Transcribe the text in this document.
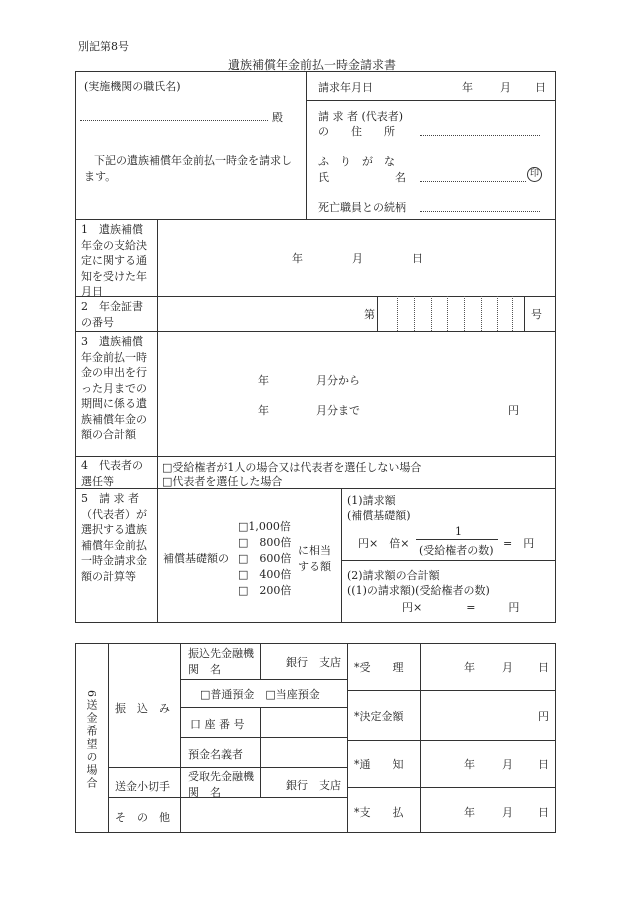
別記第8号
遺族補償年金前払一時金請求書
(実施機関の職氏名)
殿
下記の遺族補償年金前払一時金を請求します。
請求年月日	年 月 日
請 求 者 (代表者)
の　　住　　所
ふ　り　が　な
氏　　　　　　名	印
死亡職員との続柄
1　遺族補償年金の支給決定に関する通知を受けた年月日
年	月	日
2　年金証書の番号
第	号
3　遺族補償年金前払一時金の申出を行った月までの期間に係る遺族補償年金の額の合計額
年	月分から
年	月分まで	円
4　代表者の選任等
□受給権者が1人の場合又は代表者を選任しない場合
□代表者を選任した場合
5　請 求 者（代表者）が選択する遺族補償年金前払一時金請求金額の計算等
補償基礎額の
□1,000倍
□　800倍
□　600倍
□　400倍
□　200倍
に相当する額
(1)請求額
(補償基礎額)
円×　倍×
1
(受給権者の数)
=　円
(2)請求額の合計額
((1)の請求額)(受給権者の数)
円×　　　　=　　　円
6送金希望の場合 振　込　み
振込先金融機　関　名	銀行　支店
□普通預金　□当座預金
口 座 番 号
預金名義者
送金小切手
受取先金融機　関　名	銀行　支店
そ　の　他
*受　　理	年 月 日
*決定金額	円
*通　　知	年 月 日
*支　　払	年 月 日
